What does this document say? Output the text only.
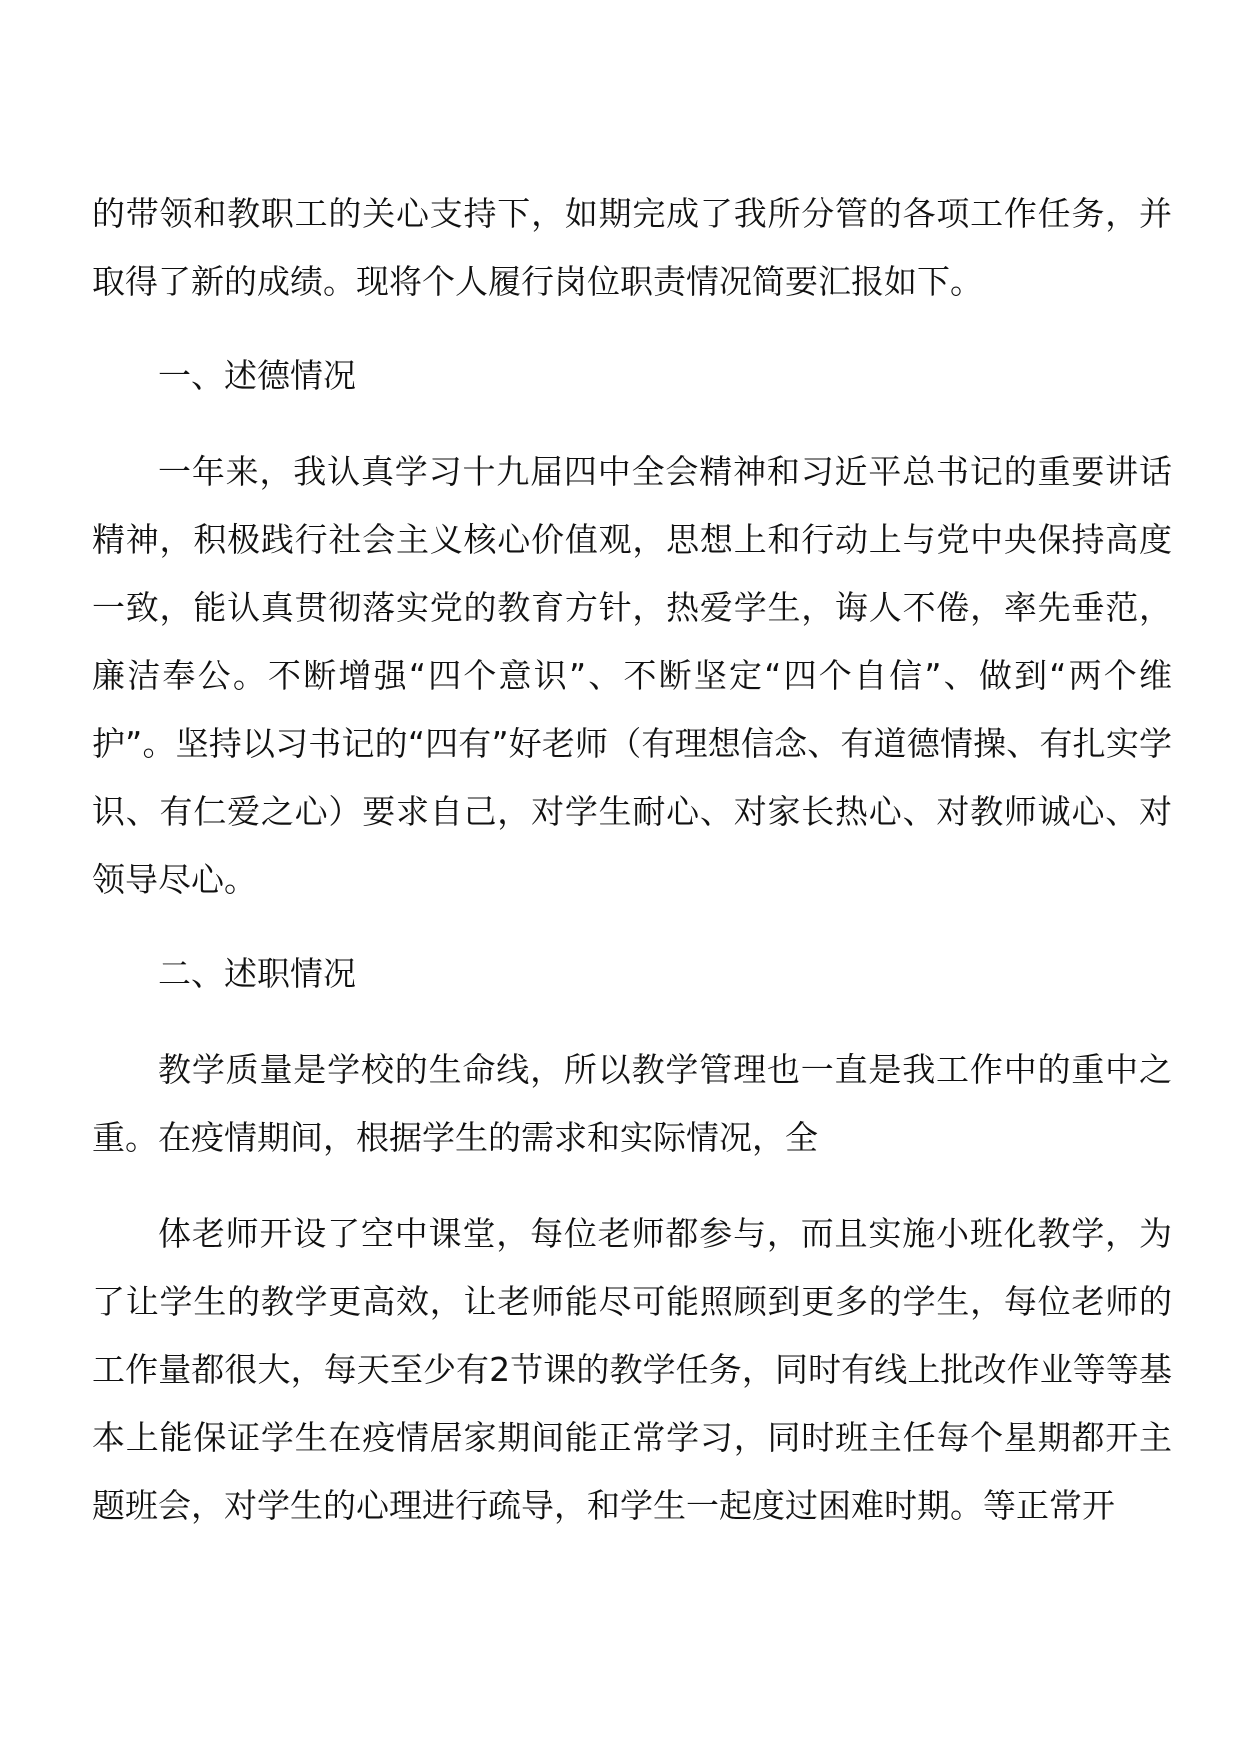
的带领和教职工的关心支持下，如期完成了我所分管的各项工作任务，并取得了新的成绩。现将个人履行岗位职责情况简要汇报如下。

一、述德情况

一年来，我认真学习十九届四中全会精神和习近平总书记的重要讲话精神，积极践行社会主义核心价值观，思想上和行动上与党中央保持高度一致，能认真贯彻落实党的教育方针，热爱学生，诲人不倦，率先垂范，廉洁奉公。不断增强“四个意识”、不断坚定“四个自信”、做到“两个维护”。坚持以习书记的“四有”好老师（有理想信念、有道德情操、有扎实学识、有仁爱之心）要求自己，对学生耐心、对家长热心、对教师诚心、对领导尽心。

二、述职情况

教学质量是学校的生命线，所以教学管理也一直是我工作中的重中之重。在疫情期间，根据学生的需求和实际情况，全

体老师开设了空中课堂，每位老师都参与，而且实施小班化教学，为了让学生的教学更高效，让老师能尽可能照顾到更多的学生，每位老师的工作量都很大，每天至少有2节课的教学任务，同时有线上批改作业等等基本上能保证学生在疫情居家期间能正常学习，同时班主任每个星期都开主题班会，对学生的心理进行疏导，和学生一起度过困难时期。等正常开
